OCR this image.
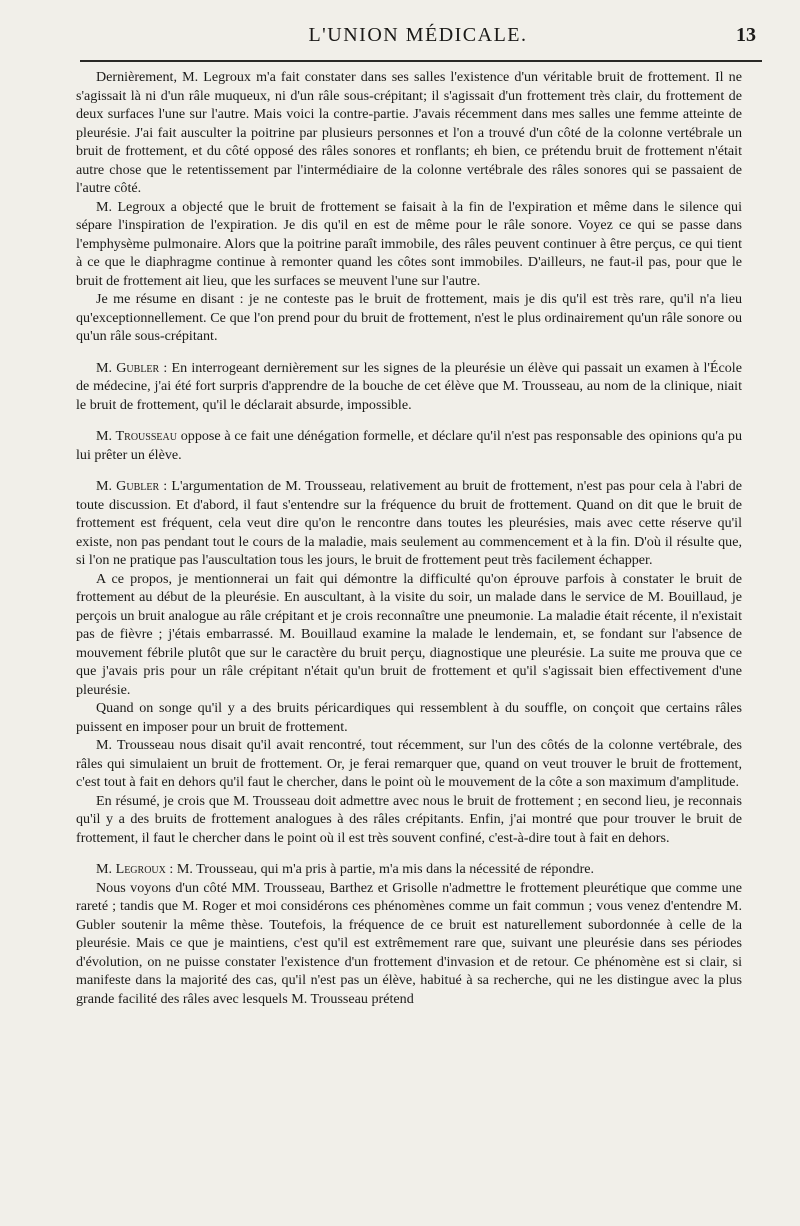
L'UNION MÉDICALE.	13

Dernièrement, M. Legroux m'a fait constater dans ses salles l'existence d'un véritable bruit de frottement. Il ne s'agissait là ni d'un râle muqueux, ni d'un râle sous-crépitant; il s'agissait d'un frottement très clair, du frottement de deux surfaces l'une sur l'autre. Mais voici la contre-partie. J'avais récemment dans mes salles une femme atteinte de pleurésie. J'ai fait ausculter la poitrine par plusieurs personnes et l'on a trouvé d'un côté de la colonne vertébrale un bruit de frottement, et du côté opposé des râles sonores et ronflants; eh bien, ce prétendu bruit de frottement n'était autre chose que le retentissement par l'intermédiaire de la colonne vertébrale des râles sonores qui se passaient de l'autre côté.

M. Legroux a objecté que le bruit de frottement se faisait à la fin de l'expiration et même dans le silence qui sépare l'inspiration de l'expiration. Je dis qu'il en est de même pour le râle sonore. Voyez ce qui se passe dans l'emphysème pulmonaire. Alors que la poitrine paraît immobile, des râles peuvent continuer à être perçus, ce qui tient à ce que le diaphragme continue à remonter quand les côtes sont immobiles. D'ailleurs, ne faut-il pas, pour que le bruit de frottement ait lieu, que les surfaces se meuvent l'une sur l'autre.

Je me résume en disant : je ne conteste pas le bruit de frottement, mais je dis qu'il est très rare, qu'il n'a lieu qu'exceptionnellement. Ce que l'on prend pour du bruit de frottement, n'est le plus ordinairement qu'un râle sonore ou qu'un râle sous-crépitant.

M. Gubler : En interrogeant dernièrement sur les signes de la pleurésie un élève qui passait un examen à l'École de médecine, j'ai été fort surpris d'apprendre de la bouche de cet élève que M. Trousseau, au nom de la clinique, niait le bruit de frottement, qu'il le déclarait absurde, impossible.

M. Trousseau oppose à ce fait une dénégation formelle, et déclare qu'il n'est pas responsable des opinions qu'a pu lui prêter un élève.

M. Gubler : L'argumentation de M. Trousseau, relativement au bruit de frottement, n'est pas pour cela à l'abri de toute discussion. Et d'abord, il faut s'entendre sur la fréquence du bruit de frottement. Quand on dit que le bruit de frottement est fréquent, cela veut dire qu'on le rencontre dans toutes les pleurésies, mais avec cette réserve qu'il existe, non pas pendant tout le cours de la maladie, mais seulement au commencement et à la fin. D'où il résulte que, si l'on ne pratique pas l'auscultation tous les jours, le bruit de frottement peut très facilement échapper.

A ce propos, je mentionnerai un fait qui démontre la difficulté qu'on éprouve parfois à constater le bruit de frottement au début de la pleurésie. En auscultant, à la visite du soir, un malade dans le service de M. Bouillaud, je perçois un bruit analogue au râle crépitant et je crois reconnaître une pneumonie. La maladie était récente, il n'existait pas de fièvre ; j'étais embarrassé. M. Bouillaud examine la malade le lendemain, et, se fondant sur l'absence de mouvement fébrile plutôt que sur le caractère du bruit perçu, diagnostique une pleurésie. La suite me prouva que ce que j'avais pris pour un râle crépitant n'était qu'un bruit de frottement et qu'il s'agissait bien effectivement d'une pleurésie.

Quand on songe qu'il y a des bruits péricardiques qui ressemblent à du souffle, on conçoit que certains râles puissent en imposer pour un bruit de frottement.

M. Trousseau nous disait qu'il avait rencontré, tout récemment, sur l'un des côtés de la colonne vertébrale, des râles qui simulaient un bruit de frottement. Or, je ferai remarquer que, quand on veut trouver le bruit de frottement, c'est tout à fait en dehors qu'il faut le chercher, dans le point où le mouvement de la côte a son maximum d'amplitude.

En résumé, je crois que M. Trousseau doit admettre avec nous le bruit de frottement ; en second lieu, je reconnais qu'il y a des bruits de frottement analogues à des râles crépitants. Enfin, j'ai montré que pour trouver le bruit de frottement, il faut le chercher dans le point où il est très souvent confiné, c'est-à-dire tout à fait en dehors.

M. Legroux : M. Trousseau, qui m'a pris à partie, m'a mis dans la nécessité de répondre.

Nous voyons d'un côté MM. Trousseau, Barthez et Grisolle n'admettre le frottement pleurétique que comme une rareté ; tandis que M. Roger et moi considérons ces phénomènes comme un fait commun ; vous venez d'entendre M. Gubler soutenir la même thèse. Toutefois, la fréquence de ce bruit est naturellement subordonnée à celle de la pleurésie. Mais ce que je maintiens, c'est qu'il est extrêmement rare que, suivant une pleurésie dans ses périodes d'évolution, on ne puisse constater l'existence d'un frottement d'invasion et de retour. Ce phénomène est si clair, si manifeste dans la majorité des cas, qu'il n'est pas un élève, habitué à sa recherche, qui ne les distingue avec la plus grande facilité des râles avec lesquels M. Trousseau prétend
